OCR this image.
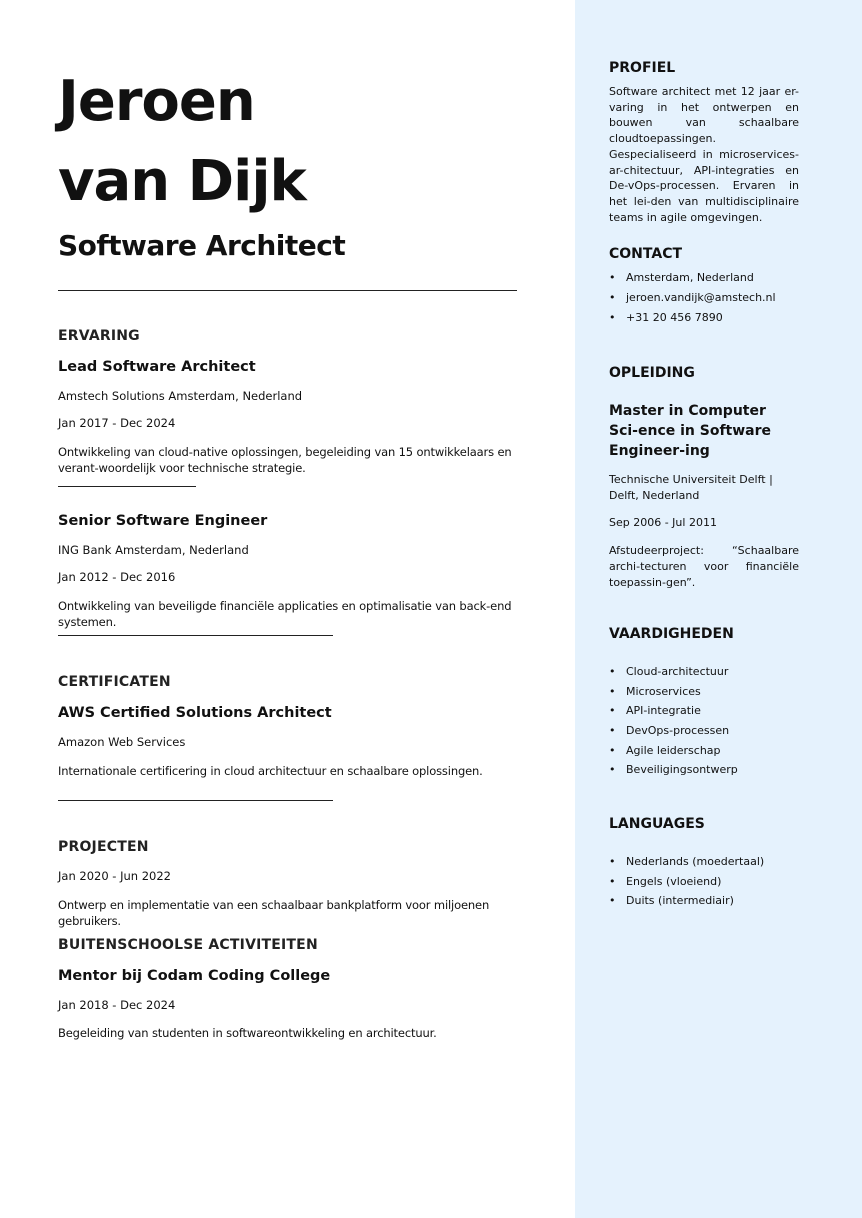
Jeroen
van Dijk
Software Architect
ERVARING
Lead Software Architect
Amstech Solutions Amsterdam, Nederland
Jan 2017 - Dec 2024
Ontwikkeling van cloud-native oplossingen, begeleiding van 15 ontwikkelaars en verant-woordelijk voor technische strategie.
Senior Software Engineer
ING Bank Amsterdam, Nederland
Jan 2012 - Dec 2016
Ontwikkeling van beveiligde financiële applicaties en optimalisatie van back-end systemen.
CERTIFICATEN
AWS Certified Solutions Architect
Amazon Web Services
Internationale certificering in cloud architectuur en schaalbare oplossingen.
PROJECTEN
Jan 2020 - Jun 2022
Ontwerp en implementatie van een schaalbaar bankplatform voor miljoenen gebruikers.
BUITENSCHOOLSE ACTIVITEITEN
Mentor bij Codam Coding College
Jan 2018 - Dec 2024
Begeleiding van studenten in softwareontwikkeling en architectuur.
PROFIEL

Software architect met 12 jaar er-varing in het ontwerpen en bouwen van schaalbare cloudtoepassingen. Gespecialiseerd in microservices-ar-chitectuur, API-integraties en De-vOps-processen. Ervaren in het lei-den van multidisciplinaire teams in agile omgevingen.

CONTACT
• Amsterdam, Nederland
• jeroen.vandijk@amstech.nl
• +31 20 456 7890
OPLEIDING
Master in Computer Sci-ence in Software Engineer-ing
Technische Universiteit Delft | Delft, Nederland
Sep 2006 - Jul 2011
Afstudeerproject: “Schaalbare archi-tecturen voor financiële toepassin-gen”.
VAARDIGHEDEN
• Cloud-architectuur
• Microservices
• API-integratie
• DevOps-processen
• Agile leiderschap
• Beveiligingsontwerp
LANGUAGES
• Nederlands (moedertaal)
• Engels (vloeiend)
• Duits (intermediair)
